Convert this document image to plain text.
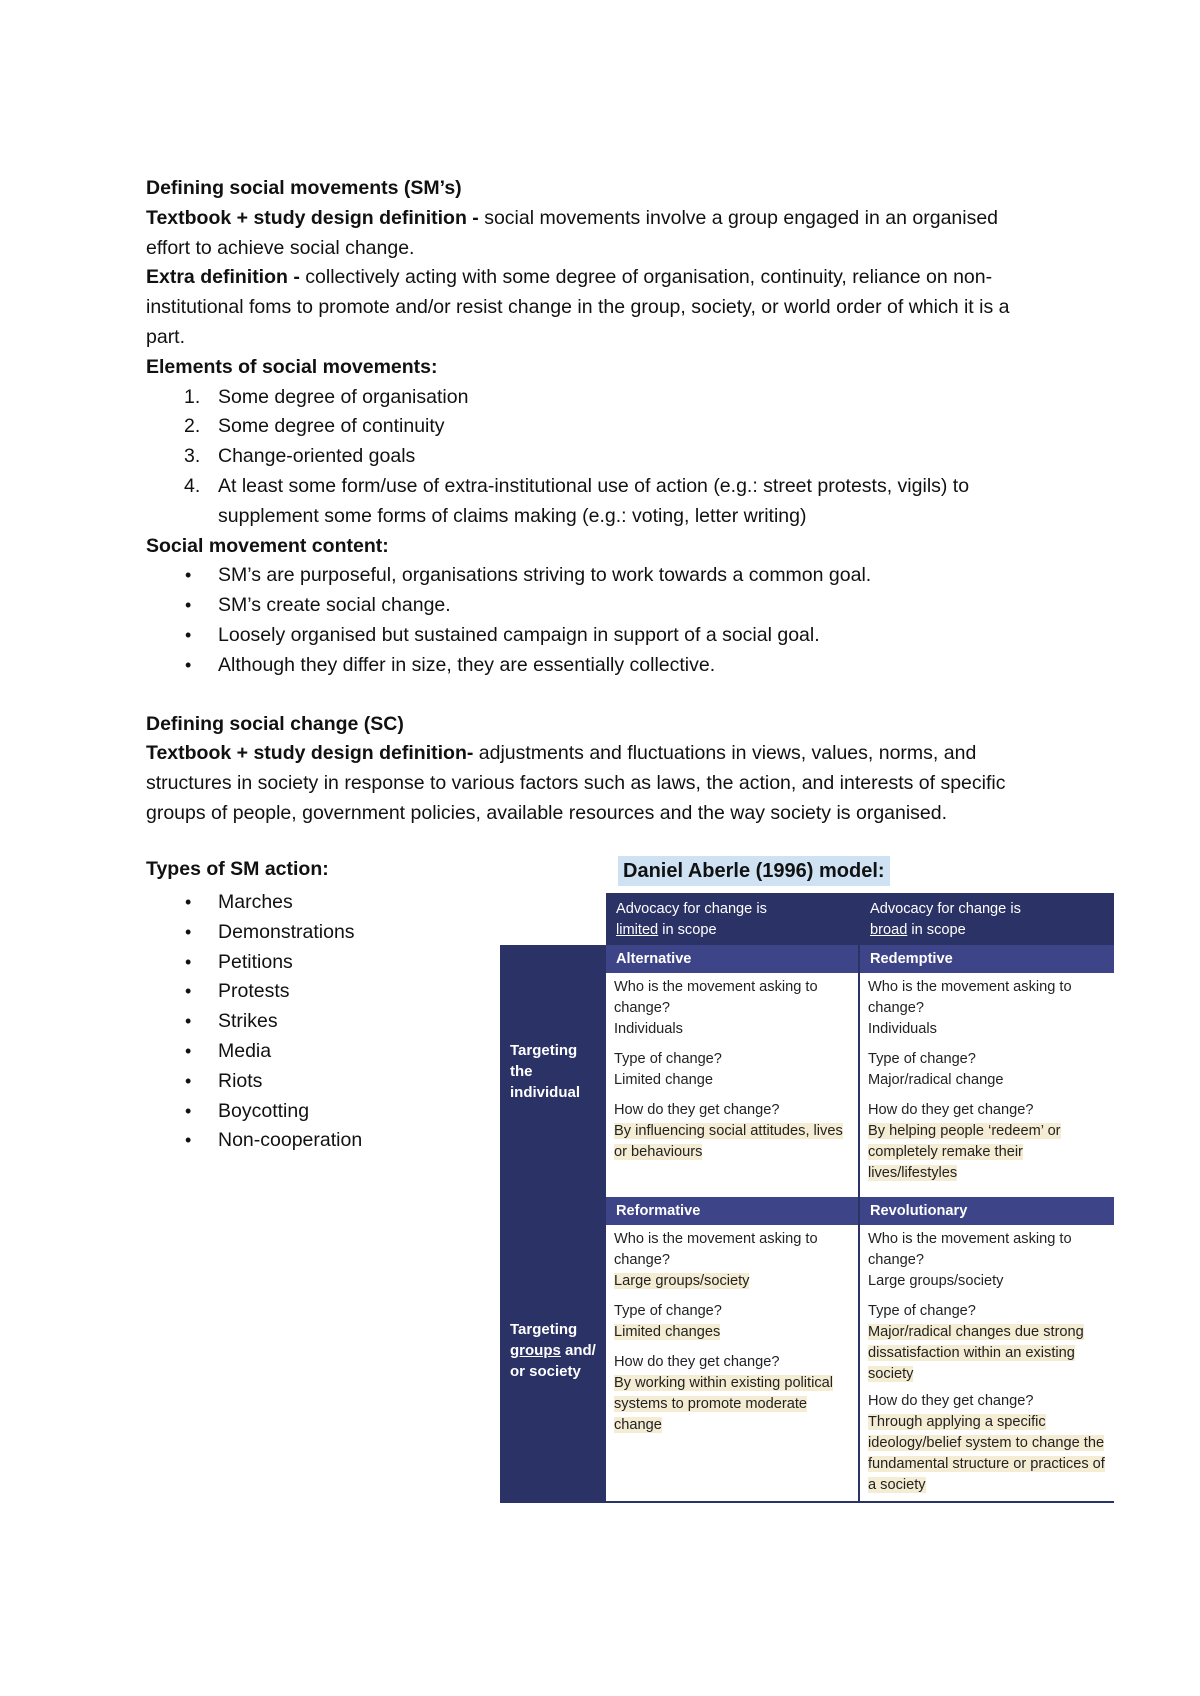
Defining social movements (SM’s)

Textbook + study design definition - social movements involve a group engaged in an organised effort to achieve social change.

Extra definition - collectively acting with some degree of organisation, continuity, reliance on non-institutional foms to promote and/or resist change in the group, society, or world order of which it is a part.

Elements of social movements:

Some degree of organisation
Some degree of continuity
Change-oriented goals
At least some form/use of extra-institutional use of action (e.g.: street protests, vigils) to supplement some forms of claims making (e.g.: voting, letter writing)

Social movement content:

• SM’s are purposeful, organisations striving to work towards a common goal.
• SM’s create social change.
• Loosely organised but sustained campaign in support of a social goal.
• Although they differ in size, they are essentially collective.

Defining social change (SC)

Textbook + study design definition- adjustments and fluctuations in views, values, norms, and structures in society in response to various factors such as laws, the action, and interests of specific groups of people, government policies, available resources and the way society is organised.

Types of SM action:
• Marches
• Demonstrations
• Petitions
• Protests
• Strikes
• Media
• Riots
• Boycotting
• Non-cooperation
Daniel Aberle (1996) model:
Advocacy for change is
limited in scope
Advocacy for change is
broad in scope
Targeting the individual
Targeting groups and/ or society
Alternative

Who is the movement asking to change?
Individuals

Type of change?
Limited change

How do they get change?
By influencing social attitudes, lives or behaviours

Redemptive

Who is the movement asking to change?
Individuals

Type of change?
Major/radical change

How do they get change?
By helping people ‘redeem’ or completely remake their lives/lifestyles

Reformative

Who is the movement asking to change?
Large groups/society

Type of change?
Limited changes

How do they get change?
By working within existing political systems to promote moderate change

Revolutionary

Who is the movement asking to change?
Large groups/society

Type of change?
Major/radical changes due strong dissatisfaction within an existing society

How do they get change?
Through applying a specific ideology/belief system to change the fundamental structure or practices of a society
